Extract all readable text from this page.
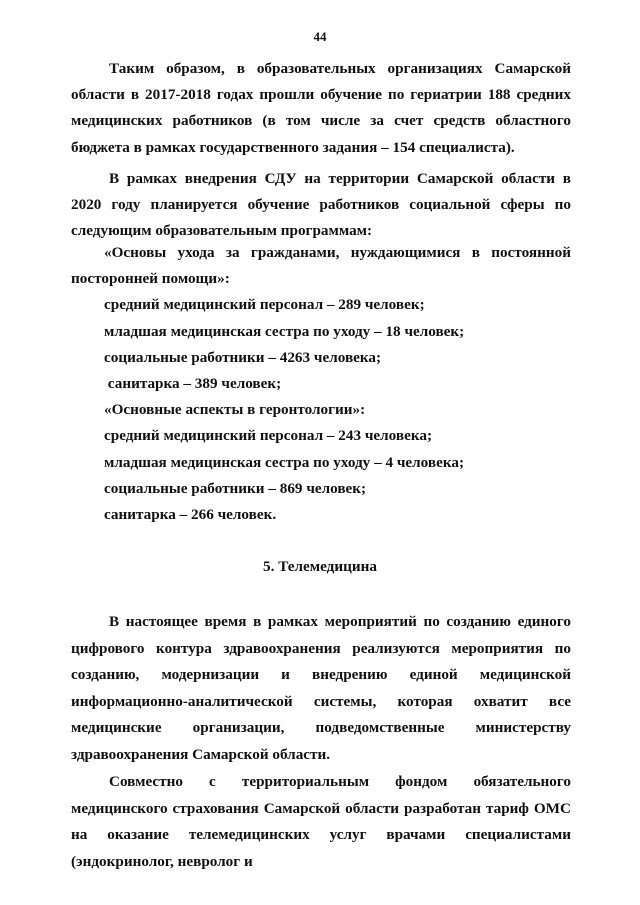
44
Таким образом, в образовательных организациях Самарской области в 2017-2018 годах прошли обучение по гериатрии 188 средних медицинских работников (в том числе за счет средств областного бюджета в рамках государственного задания – 154 специалиста).
В рамках внедрения СДУ на территории Самарской области в 2020 году планируется обучение работников социальной сферы по следующим образовательным программам:
«Основы ухода за гражданами, нуждающимися в постоянной
посторонней помощи»:
средний медицинский персонал – 289 человек;
младшая медицинская сестра по уходу – 18 человек;
социальные работники – 4263 человека;
санитарка – 389 человек;
«Основные аспекты в геронтологии»:
средний медицинский персонал – 243 человека;
младшая медицинская сестра по уходу – 4 человека;
социальные работники – 869 человек;
санитарка – 266 человек.
5. Телемедицина
В настоящее время в рамках мероприятий по созданию единого цифрового контура здравоохранения реализуются мероприятия по созданию, модернизации и внедрению единой медицинской информационно-аналитической системы, которая охватит все медицинские организации, подведомственные министерству здравоохранения Самарской области.
Совместно с территориальным фондом обязательного медицинского страхования Самарской области разработан тариф ОМС на оказание телемедицинских услуг врачами специалистами (эндокринолог, невролог и
